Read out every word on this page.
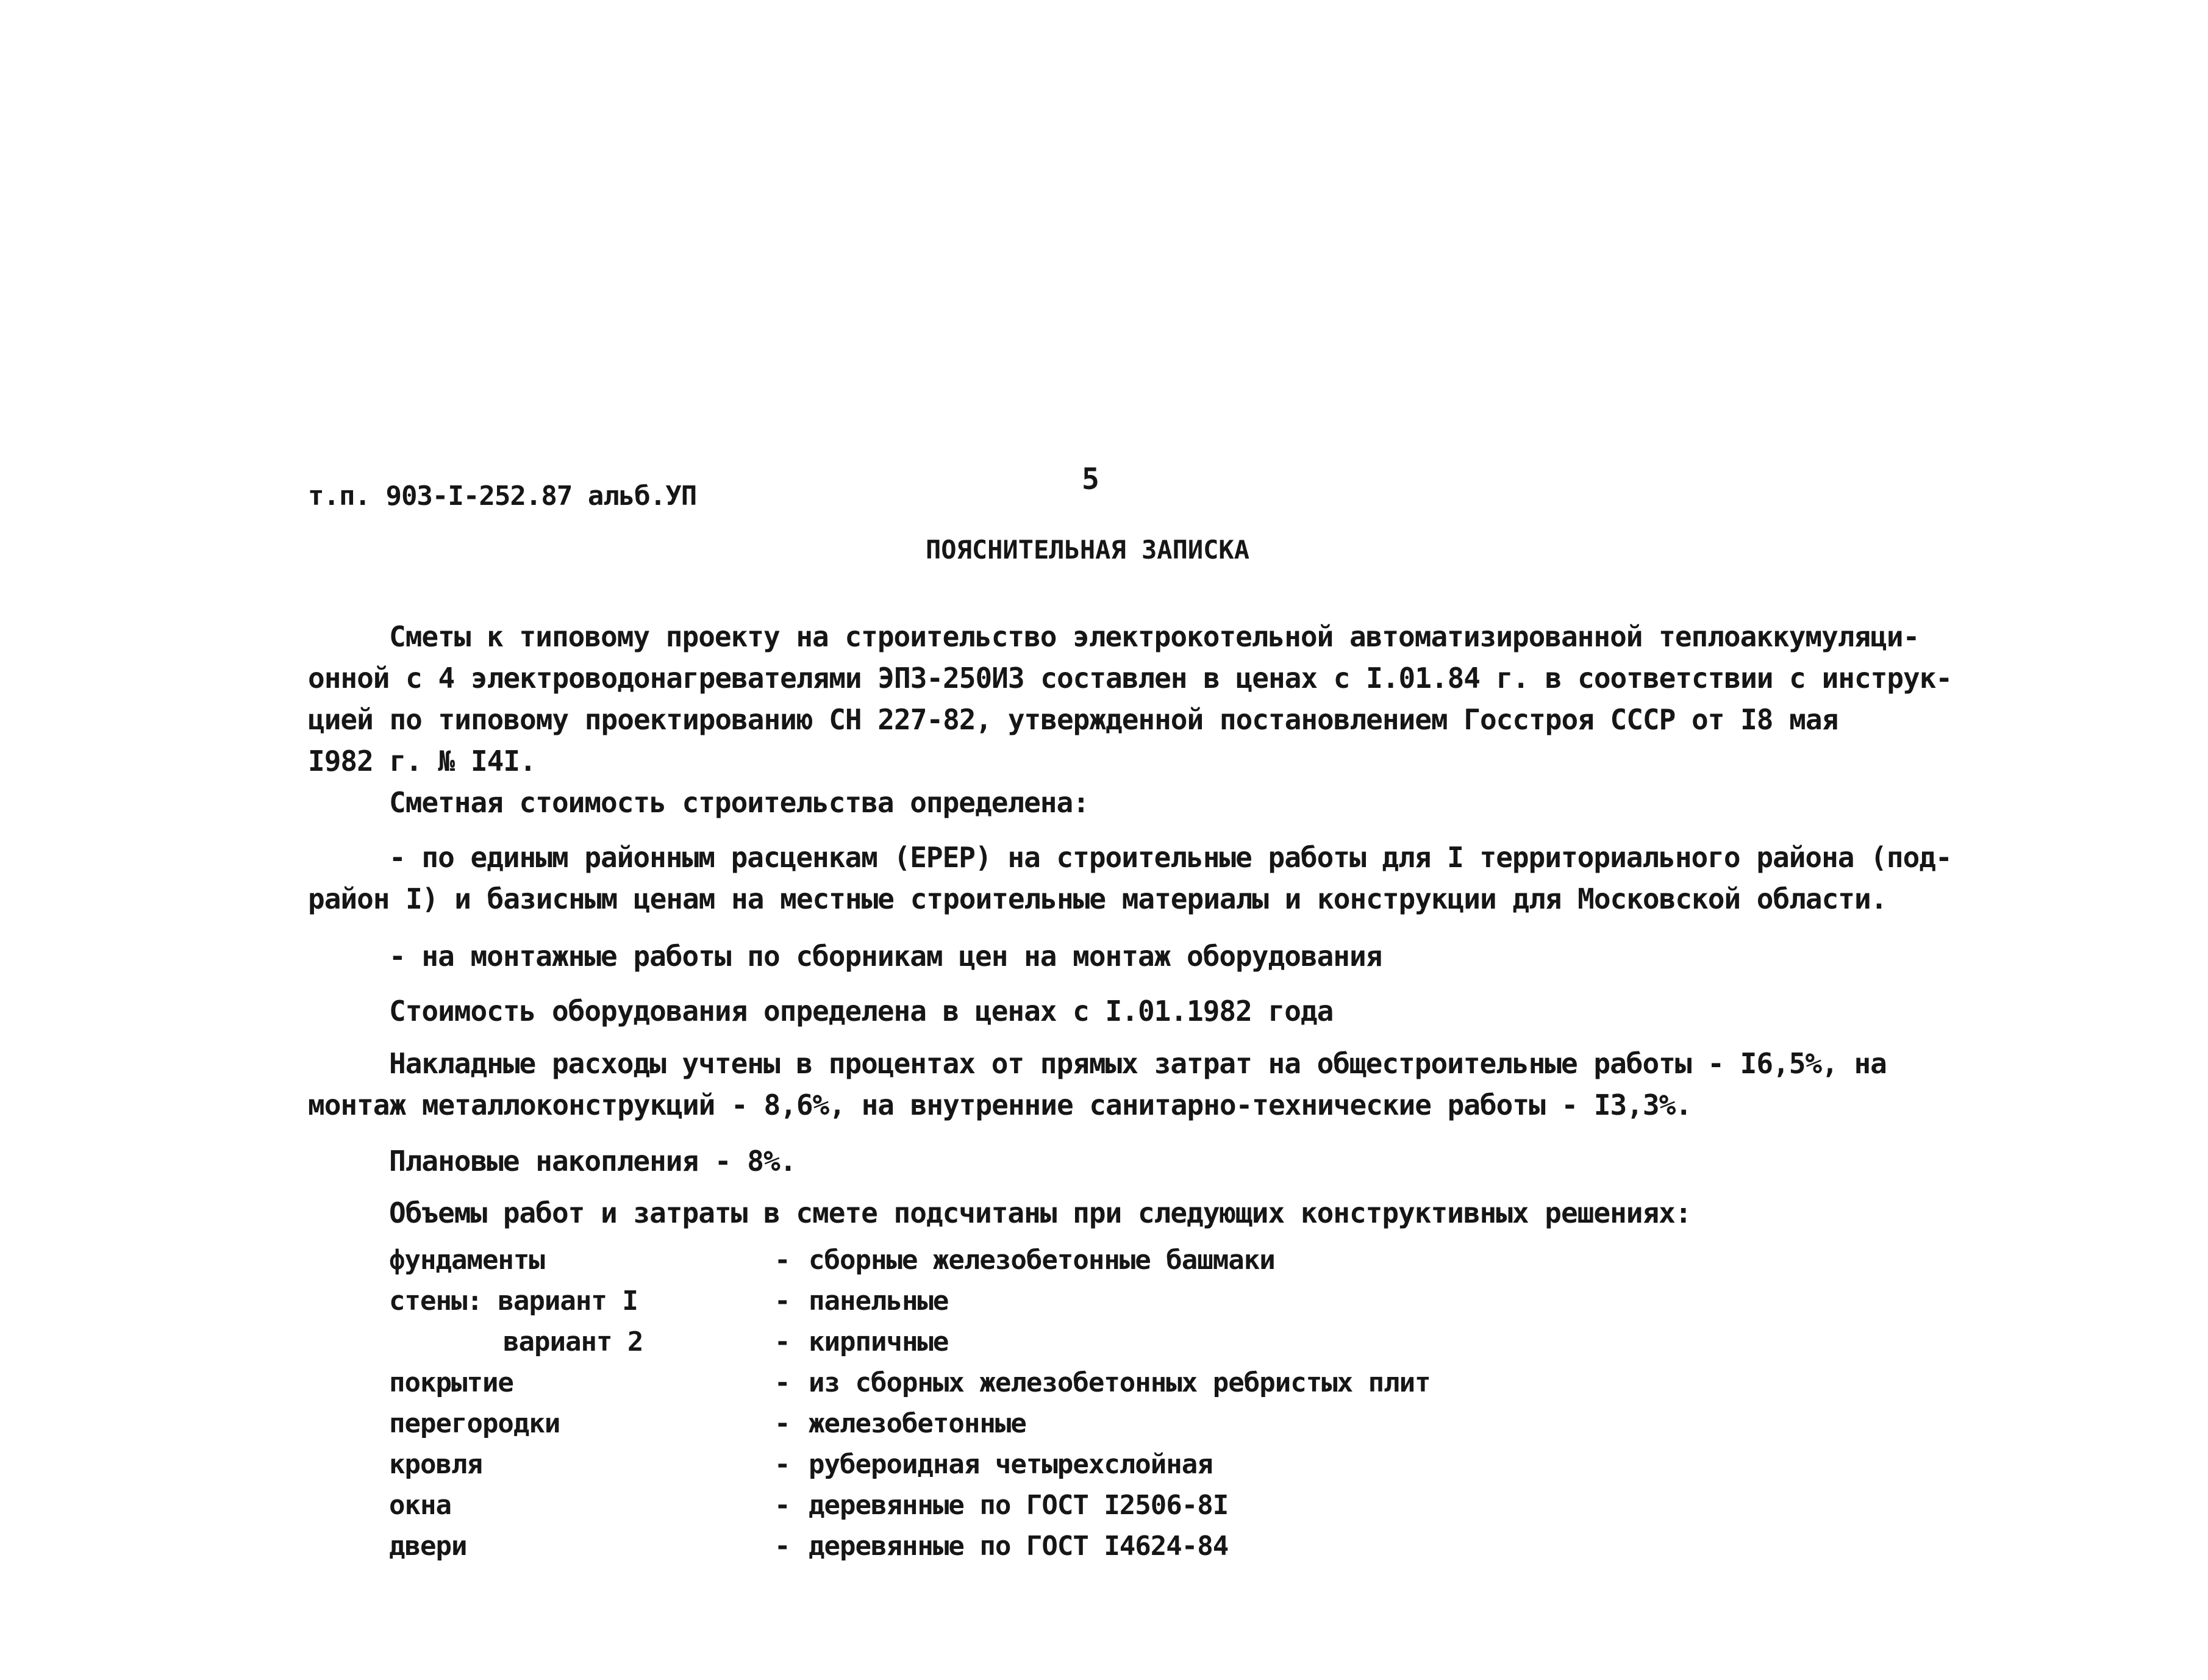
т.п. 903-I-252.87 альб.УП	5
ПОЯСНИТЕЛЬНАЯ ЗАПИСКА
Сметы к типовому проекту на строительство электрокотельной автоматизированной теплоаккумуляци-
онной с 4 электроводонагревателями ЭПЗ-250ИЗ составлен в ценах с I.01.84 г. в соответствии с инструк-
цией по типовому проектированию СН 227-82, утвержденной постановлением Госстроя СССР от I8 мая
I982 г. № I4I.
Сметная стоимость строительства определена:
- по единым районным расценкам (ЕРЕР) на строительные работы для I территориального района (под-
район I) и базисным ценам на местные строительные материалы и конструкции для Московской области.
- на монтажные работы по сборникам цен на монтаж оборудования
Стоимость оборудования определена в ценах с I.01.1982 года
Накладные расходы учтены в процентах от прямых затрат на общестроительные работы - I6,5%, на
монтаж металлоконструкций - 8,6%, на внутренние санитарно-технические работы - I3,3%.
Плановые накопления - 8%.
Объемы работ и затраты в смете подсчитаны при следующих конструктивных решениях:
фундаменты	- сборные железобетонные башмаки
стены: вариант I	- панельные
вариант 2	- кирпичные
покрытие	- из сборных железобетонных ребристых плит
перегородки	- железобетонные
кровля	- рубероидная четырехслойная
окна	- деревянные по ГОСТ I2506-8I
двери	- деревянные по ГОСТ I4624-84
